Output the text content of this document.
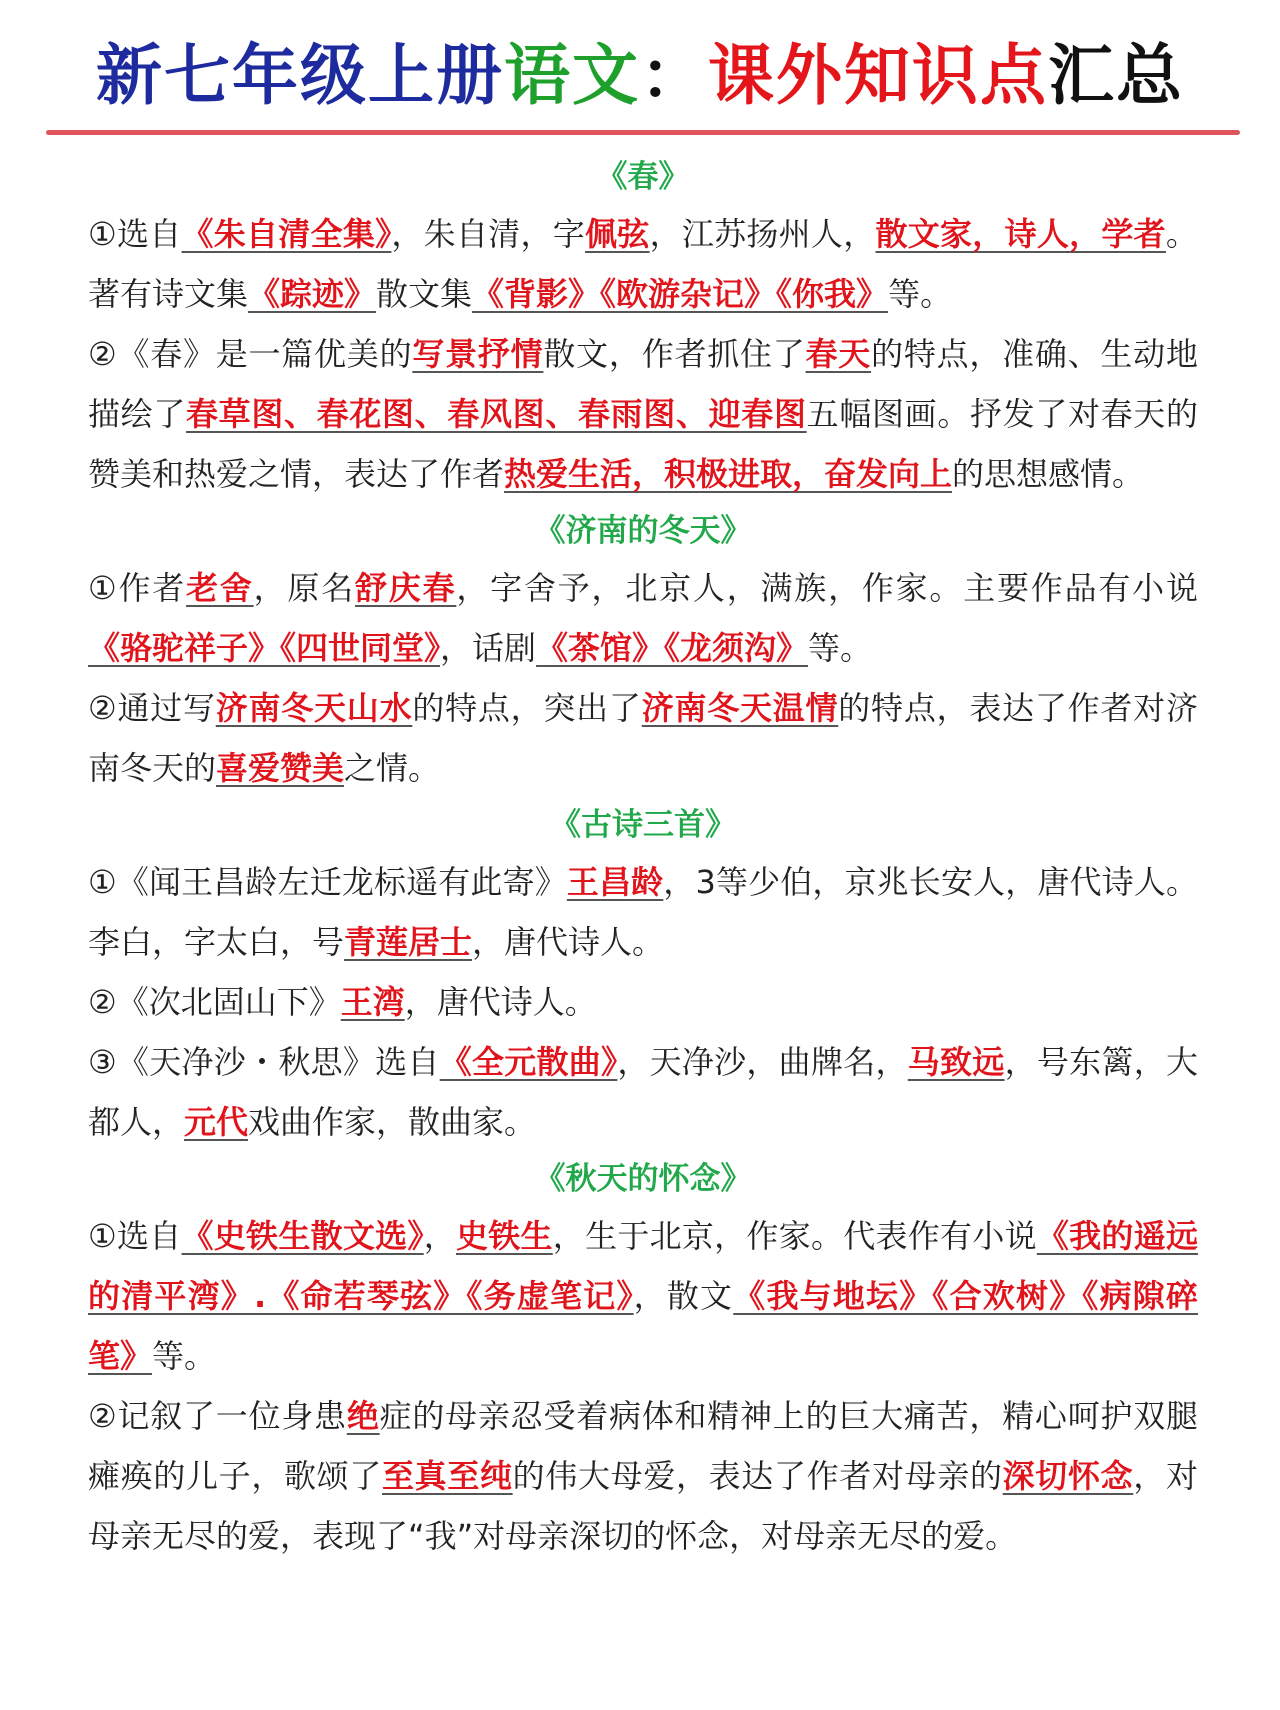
新七年级上册语文：课外知识点汇总
《春》

①选自《朱自清全集》，朱自清，字佩弦，江苏扬州人，散文家，诗人，学者。著有诗文集《踪迹》散文集《背影》《欧游杂记》《你我》等。

②《春》是一篇优美的写景抒情散文，作者抓住了春天的特点，准确、生动地描绘了春草图、春花图、春风图、春雨图、迎春图五幅图画。抒发了对春天的赞美和热爱之情，表达了作者热爱生活，积极进取，奋发向上的思想感情。

《济南的冬天》

①作者老舍，原名舒庆春，字舍予，北京人，满族，作家。主要作品有小说《骆驼祥子》《四世同堂》，话剧《茶馆》《龙须沟》等。

②通过写济南冬天山水的特点，突出了济南冬天温情的特点，表达了作者对济南冬天的喜爱赞美之情。

《古诗三首》

①《闻王昌龄左迁龙标遥有此寄》王昌龄，3等少伯，京兆长安人，唐代诗人。李白，字太白，号青莲居士，唐代诗人。

②《次北固山下》王湾，唐代诗人。

③《天净沙・秋思》选自《全元散曲》，天净沙，曲牌名，马致远，号东篱，大都人，元代戏曲作家，散曲家。

《秋天的怀念》

①选自《史铁生散文选》，史铁生，生于北京，作家。代表作有小说《我的遥远的清平湾》.《命若琴弦》《务虚笔记》，散文《我与地坛》《合欢树》《病隙碎笔》等。

②记叙了一位身患绝症的母亲忍受着病体和精神上的巨大痛苦，精心呵护双腿瘫痪的儿子，歌颂了至真至纯的伟大母爱，表达了作者对母亲的深切怀念，对母亲无尽的爱，表现了“我”对母亲深切的怀念，对母亲无尽的爱。
